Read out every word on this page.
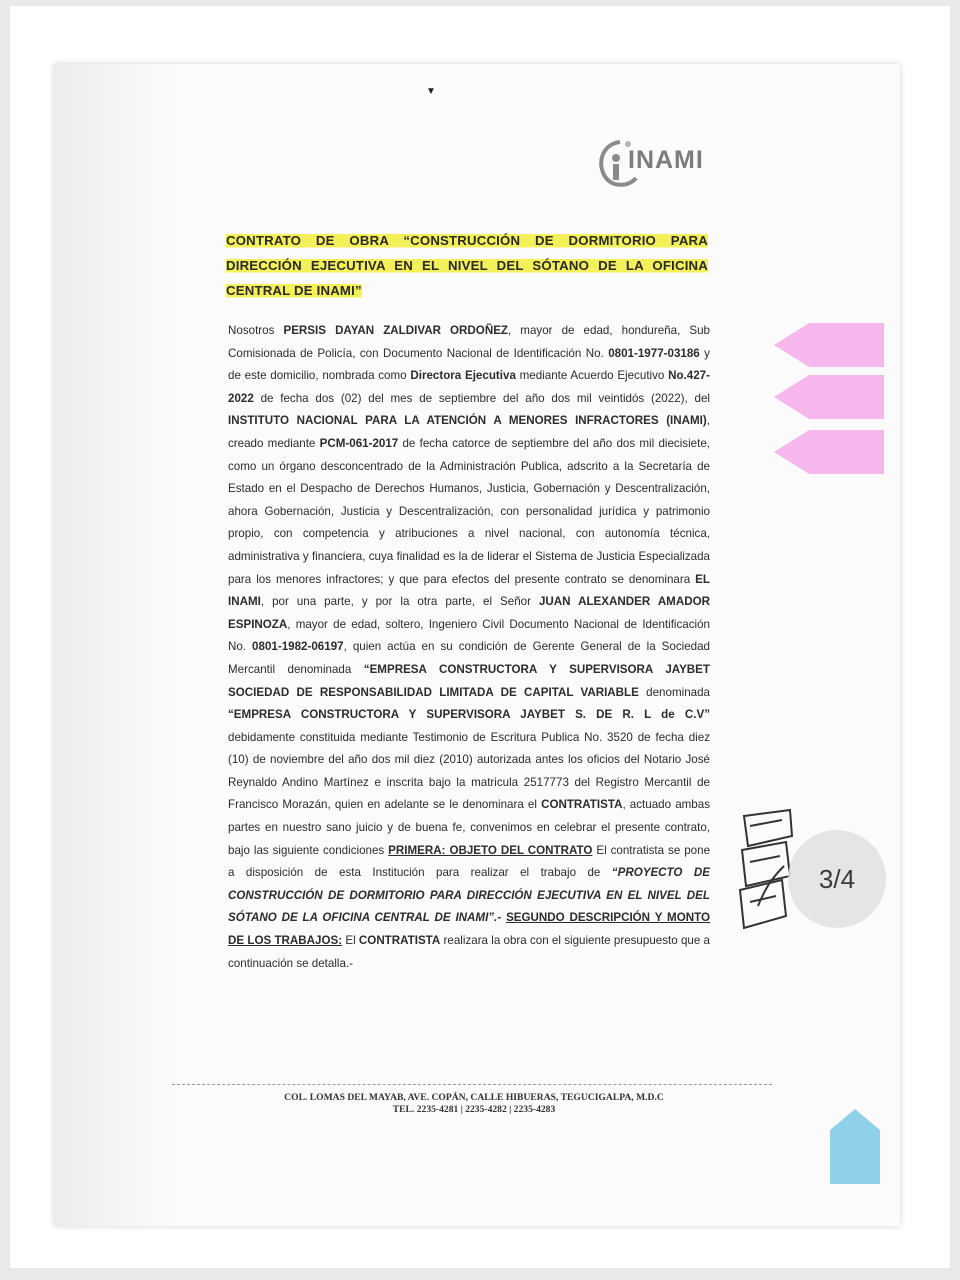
▼
INAMI
CONTRATO DE OBRA “CONSTRUCCIÓN DE DORMITORIO PARA DIRECCIÓN EJECUTIVA EN EL NIVEL DEL SÓTANO DE LA OFICINA CENTRAL DE INAMI”
Nosotros PERSIS DAYAN ZALDIVAR ORDOÑEZ, mayor de edad, hondureña, Sub Comisionada de Policía, con Documento Nacional de Identificación No. 0801-1977-03186 y de este domicilio, nombrada como Directora Ejecutiva mediante Acuerdo Ejecutivo No.427-2022 de fecha dos (02) del mes de septiembre del año dos mil veintidós (2022), del INSTITUTO NACIONAL PARA LA ATENCIÓN A MENORES INFRACTORES (INAMI), creado mediante PCM-061-2017 de fecha catorce de septiembre del año dos mil diecisiete, como un órgano desconcentrado de la Administración Publica, adscrito a la Secretaría de Estado en el Despacho de Derechos Humanos, Justicia, Gobernación y Descentralización, ahora Gobernación, Justicia y Descentralización, con personalidad jurídica y patrimonio propio, con competencia y atribuciones a nivel nacional, con autonomía técnica, administrativa y financiera, cuya finalidad es la de liderar el Sistema de Justicia Especializada para los menores infractores; y que para efectos del presente contrato se denominara EL INAMI, por una parte, y por la otra parte, el Señor JUAN ALEXANDER AMADOR ESPINOZA, mayor de edad, soltero, Ingeniero Civil Documento Nacional de Identificación No. 0801-1982-06197, quien actúa en su condición de Gerente General de la Sociedad Mercantil denominada “EMPRESA CONSTRUCTORA Y SUPERVISORA JAYBET SOCIEDAD DE RESPONSABILIDAD LIMITADA DE CAPITAL VARIABLE denominada “EMPRESA CONSTRUCTORA Y SUPERVISORA JAYBET S. DE R. L de C.V” debidamente constituida mediante Testimonio de Escritura Publica No. 3520 de fecha diez (10) de noviembre del año dos mil diez (2010) autorizada antes los oficios del Notario José Reynaldo Andino Martínez e inscrita bajo la matricula 2517773 del Registro Mercantil de Francisco Morazán, quien en adelante se le denominara el CONTRATISTA, actuado ambas partes en nuestro sano juicio y de buena fe, convenimos en celebrar el presente contrato, bajo las siguiente condiciones PRIMERA: OBJETO DEL CONTRATO El contratista se pone a disposición de esta Institución para realizar el trabajo de “PROYECTO DE CONSTRUCCIÓN DE DORMITORIO PARA DIRECCIÓN EJECUTIVA EN EL NIVEL DEL SÓTANO DE LA OFICINA CENTRAL DE INAMI”.- SEGUNDO DESCRIPCIÓN Y MONTO DE LOS TRABAJOS: El CONTRATISTA realizara la obra con el siguiente presupuesto que a continuación se detalla.-
COL. LOMAS DEL MAYAB, AVE. COPÁN, CALLE HIBUERAS, TEGUCIGALPA, M.D.C
TEL. 2235-4281 | 2235-4282 | 2235-4283
3/4
